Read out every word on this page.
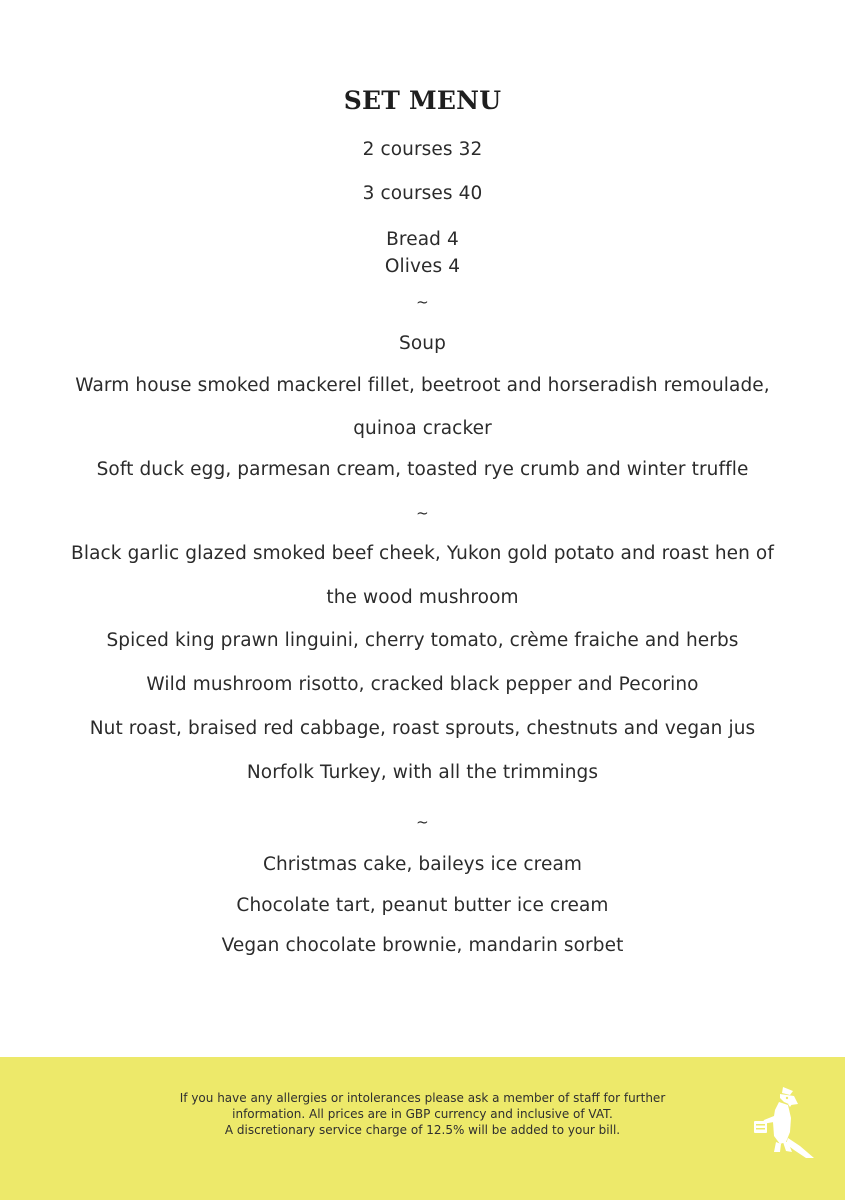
SET MENU
2 courses 32
3 courses 40
Bread 4
Olives 4
~
Soup
Warm house smoked mackerel fillet, beetroot and horseradish remoulade,
quinoa cracker
Soft duck egg, parmesan cream, toasted rye crumb and winter truffle
~
Black garlic glazed smoked beef cheek, Yukon gold potato and roast hen of
the wood mushroom
Spiced king prawn linguini, cherry tomato, crème fraiche and herbs
Wild mushroom risotto, cracked black pepper and Pecorino
Nut roast, braised red cabbage, roast sprouts, chestnuts and vegan jus
Norfolk Turkey, with all the trimmings
~
Christmas cake, baileys ice cream
Chocolate tart, peanut butter ice cream
Vegan chocolate brownie, mandarin sorbet
If you have any allergies or intolerances please ask a member of staff for further
information. All prices are in GBP currency and inclusive of VAT.
A discretionary service charge of 12.5% will be added to your bill.
